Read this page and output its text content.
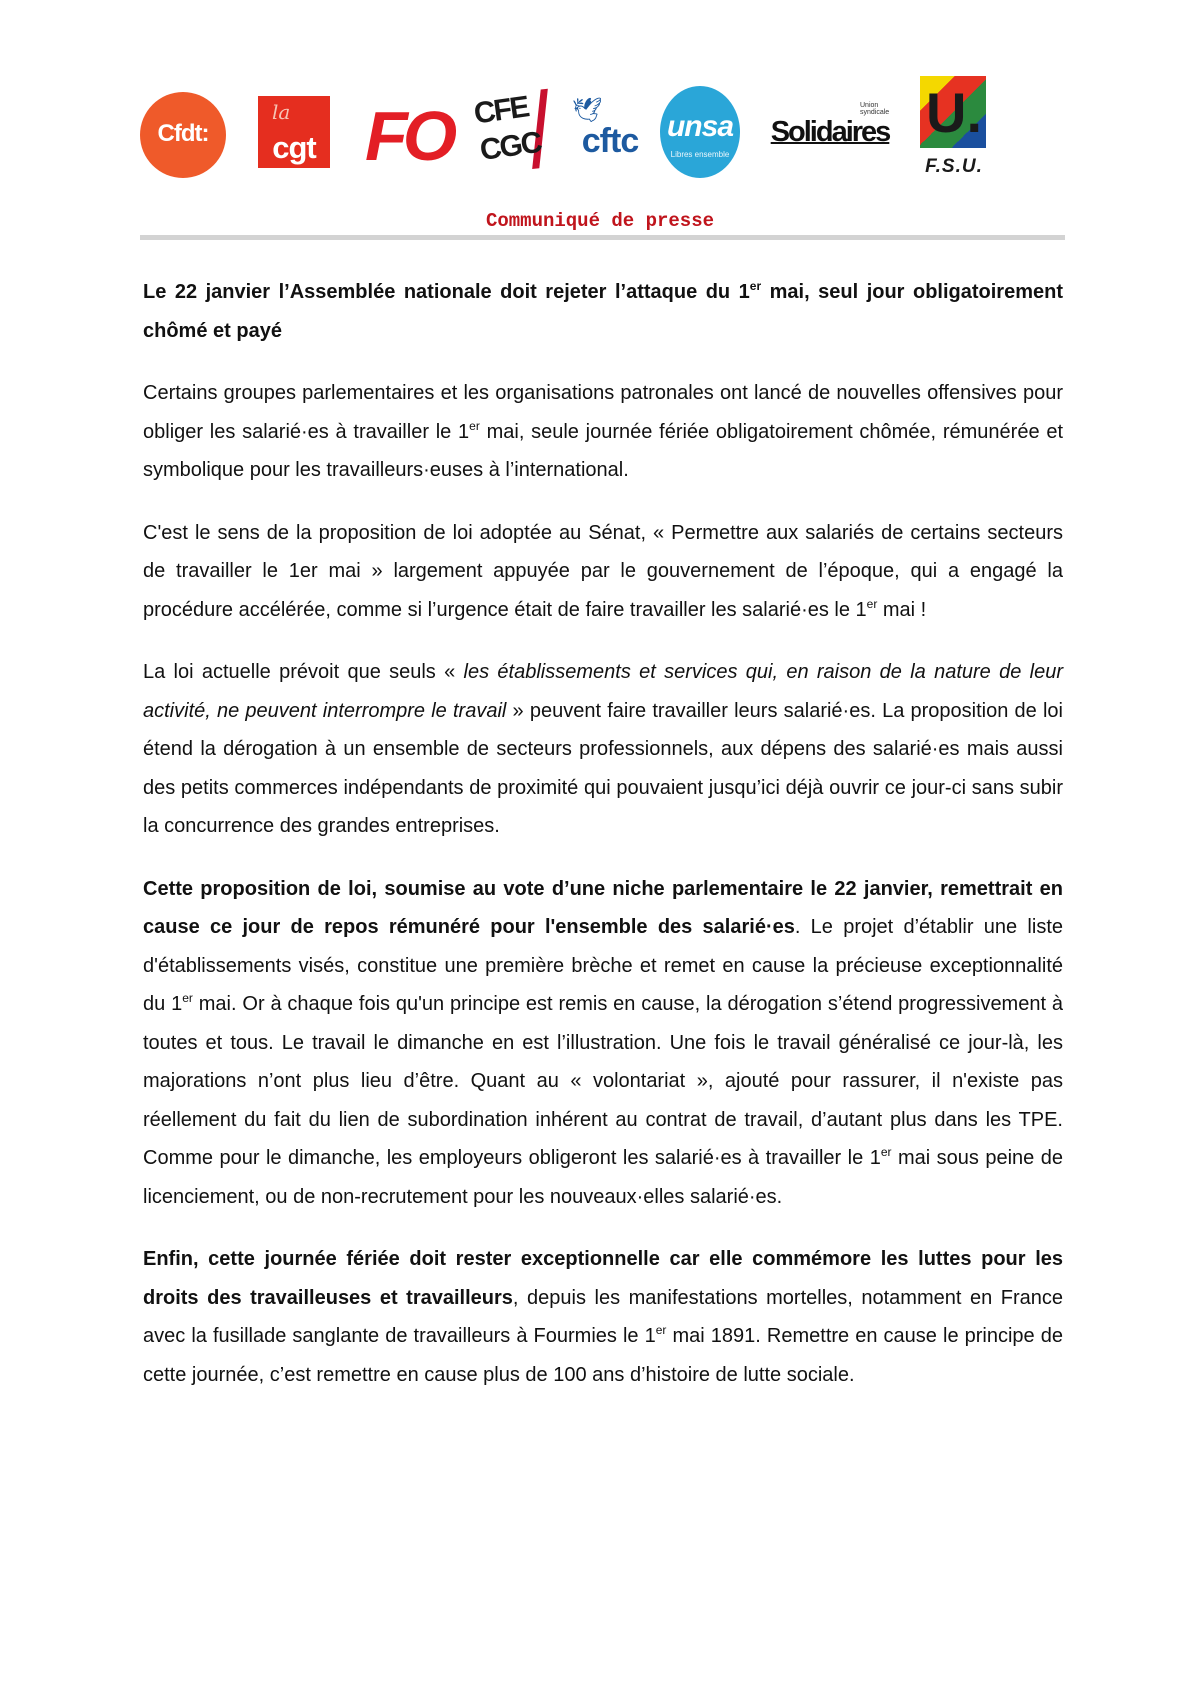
Cfdt:
la
cgt FO CFE
CGC
🕊
cftc unsa
Libres ensemble
Union syndicale
Solidaires U.
F.S.U.
Communiqué de presse

Le 22 janvier l’Assemblée nationale doit rejeter l’attaque du 1er mai, seul jour obligatoirement chômé et payé

Certains groupes parlementaires et les organisations patronales ont lancé de nouvelles offensives pour obliger les salarié·es à travailler le 1er mai, seule journée fériée obligatoirement chômée, rémunérée et symbolique pour les travailleurs·euses à l’international.

C'est le sens de la proposition de loi adoptée au Sénat, « Permettre aux salariés de certains secteurs de travailler le 1er mai » largement appuyée par le gouvernement de l’époque, qui a engagé la procédure accélérée, comme si l’urgence était de faire travailler les salarié·es le 1er mai !

La loi actuelle prévoit que seuls « les établissements et services qui, en raison de la nature de leur activité, ne peuvent interrompre le travail » peuvent faire travailler leurs salarié·es. La proposition de loi étend la dérogation à un ensemble de secteurs professionnels, aux dépens des salarié·es mais aussi des petits commerces indépendants de proximité qui pouvaient jusqu’ici déjà ouvrir ce jour-ci sans subir la concurrence des grandes entreprises.

Cette proposition de loi, soumise au vote d’une niche parlementaire le 22 janvier, remettrait en cause ce jour de repos rémunéré pour l'ensemble des salarié·es. Le projet d’établir une liste d'établissements visés, constitue une première brèche et remet en cause la précieuse exceptionnalité du 1er mai. Or à chaque fois qu'un principe est remis en cause, la dérogation s’étend progressivement à toutes et tous. Le travail le dimanche en est l’illustration. Une fois le travail généralisé ce jour-là, les majorations n’ont plus lieu d’être. Quant au « volontariat », ajouté pour rassurer, il n'existe pas réellement du fait du lien de subordination inhérent au contrat de travail, d’autant plus dans les TPE. Comme pour le dimanche, les employeurs obligeront les salarié·es à travailler le 1er mai sous peine de licenciement, ou de non-recrutement pour les nouveaux·elles salarié·es.

Enfin, cette journée fériée doit rester exceptionnelle car elle commémore les luttes pour les droits des travailleuses et travailleurs, depuis les manifestations mortelles, notamment en France avec la fusillade sanglante de travailleurs à Fourmies le 1er mai 1891. Remettre en cause le principe de cette journée, c’est remettre en cause plus de 100 ans d’histoire de lutte sociale.
